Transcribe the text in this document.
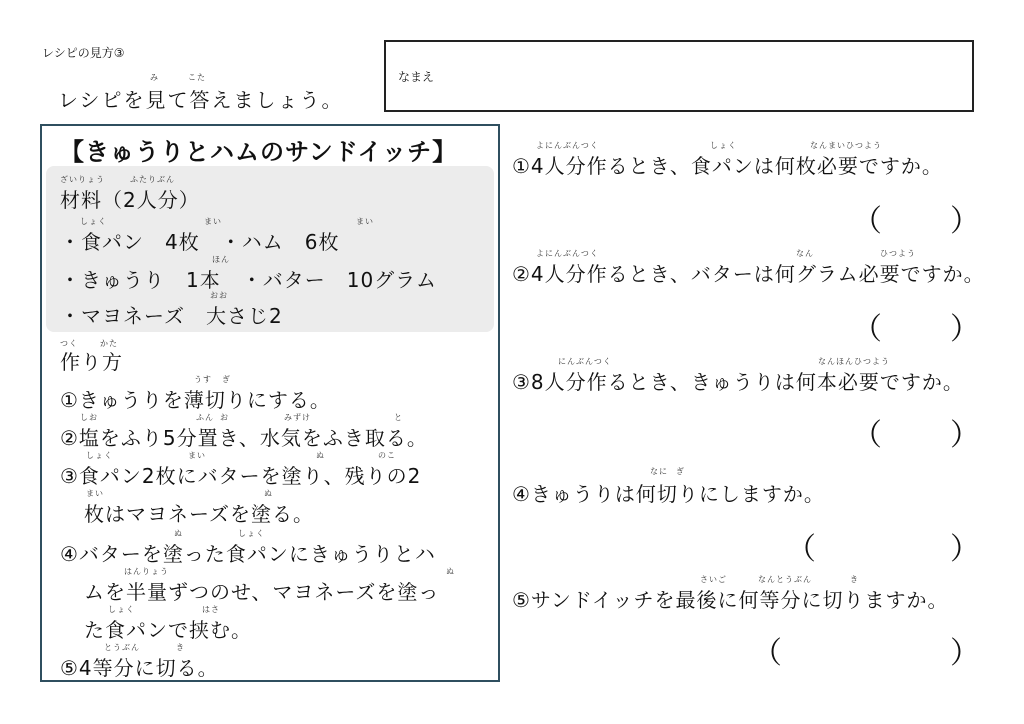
レシピの見方③
み	こた
レシピを見て答えましょう。
なまえ
【きゅうりとハムのサンドイッチ】
ざいりょう	ふたりぶん
材料（2人分）
しょく	まい	まい
・食パン　4枚　・ハム　6枚
ほん
・きゅうり　1本　・バター　10グラム
おお
・マヨネーズ　大さじ2
つく	かた
作り方
うす ぎ
①きゅうりを薄切りにする。
しお	ふん お	みずけ	と
②塩をふり5分置き、水気をふき取る。
しょく	まい	ぬ	のこ
③食パン2枚にバターを塗り、残りの2
まい	ぬ
枚はマヨネーズを塗る。
ぬ	しょく
④バターを塗った食パンにきゅうりとハ
はんりょう	ぬ
ムを半量ずつのせ、マヨネーズを塗っ
しょく	はさ
た食パンで挟む。
とうぶん	き
⑤4等分に切る。
よにんぶんつく	しょく	なんまいひつよう
①4人分作るとき、食パンは何枚必要ですか。
（ ）
よにんぶんつく	なん	ひつよう
②4人分作るとき、バターは何グラム必要ですか。
（ ）
にんぶんつく	なんほんひつよう
③8人分作るとき、きゅうりは何本必要ですか。
（ ）
なに ぎ
④きゅうりは何切りにしますか。
（	）
さいご	なんとうぶん	き
⑤サンドイッチを最後に何等分に切りますか。
（	）
